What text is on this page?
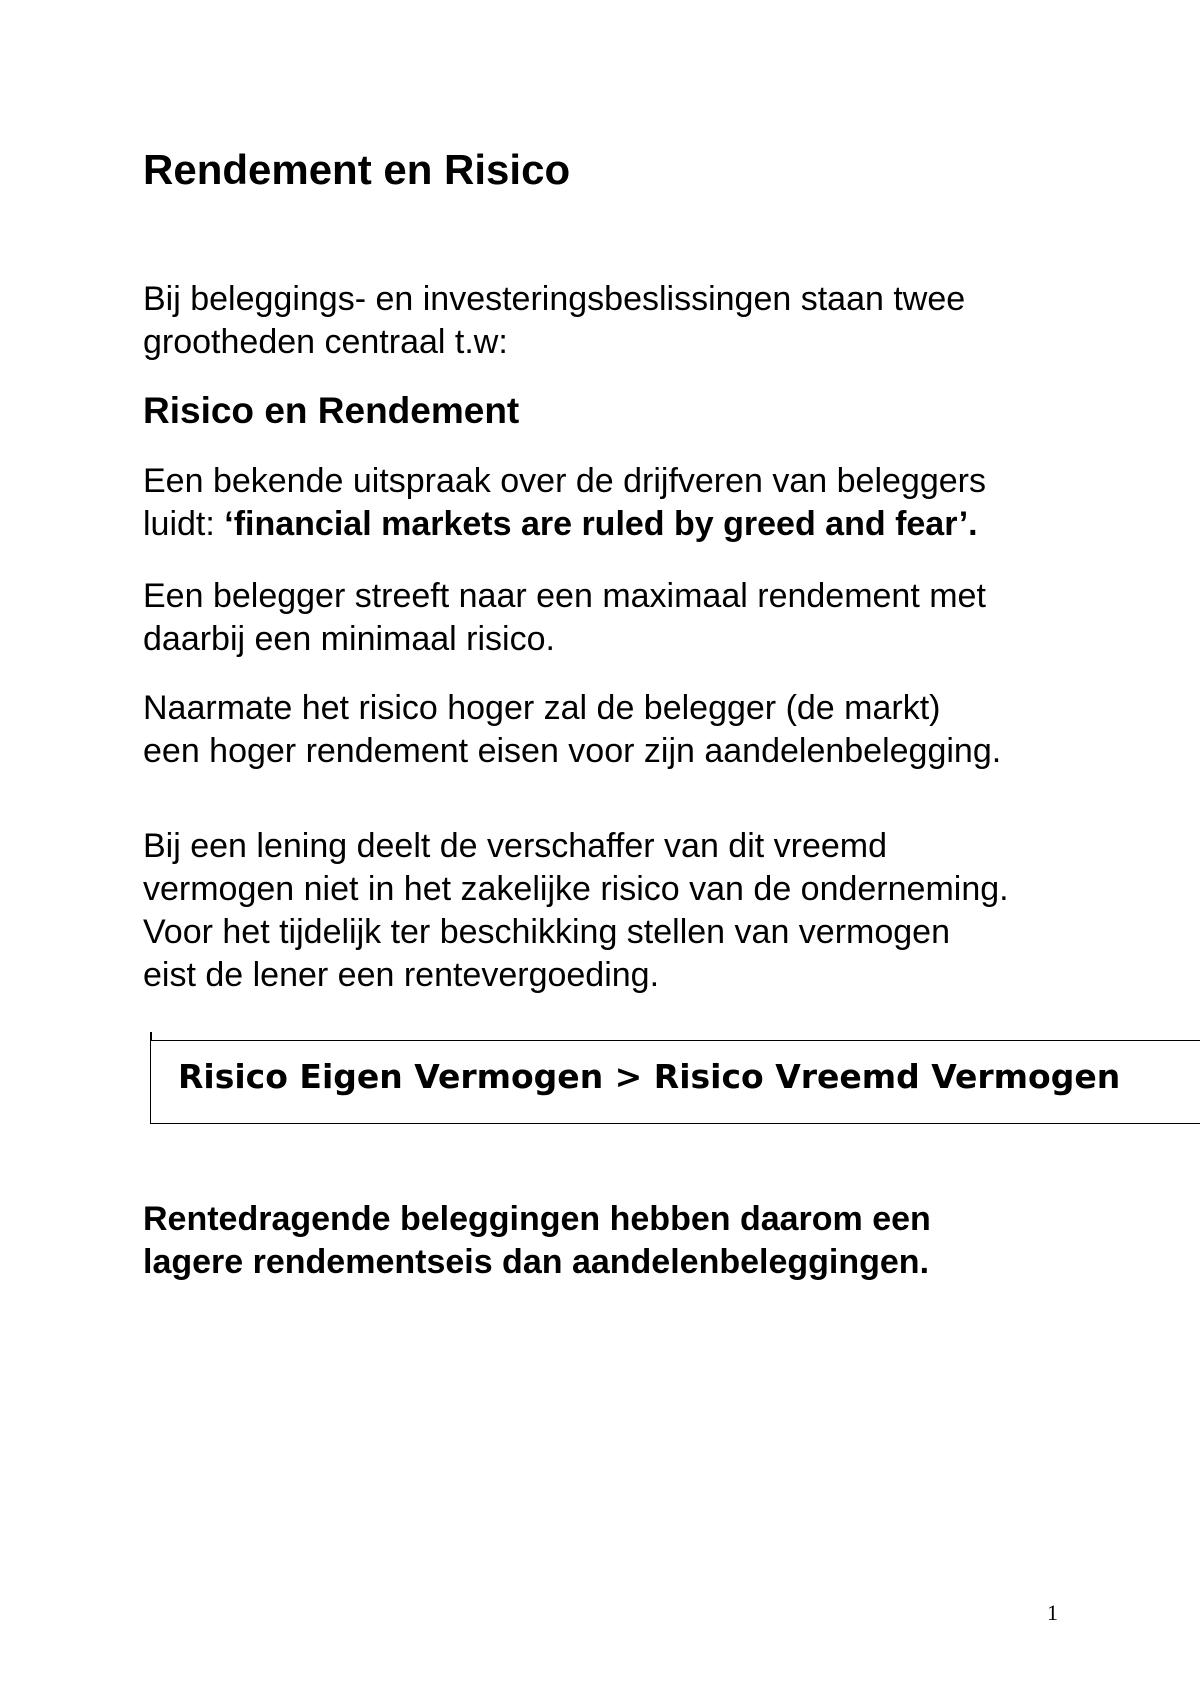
Rendement en Risico

Bij beleggings- en investeringsbeslissingen staan twee
grootheden centraal t.w:

Risico en Rendement

Een bekende uitspraak over de drijfveren van beleggers
luidt: ‘financial markets are ruled by greed and fear’.

Een belegger streeft naar een maximaal rendement met
daarbij een minimaal risico.

Naarmate het risico hoger zal de belegger (de markt)
een hoger rendement eisen voor zijn aandelenbelegging.

Bij een lening deelt de verschaffer van dit vreemd
vermogen niet in het zakelijke risico van de onderneming.
Voor het tijdelijk ter beschikking stellen van vermogen
eist de lener een rentevergoeding.

Risico Eigen Vermogen > Risico Vreemd Vermogen

Rentedragende beleggingen hebben daarom een
lagere rendementseis dan aandelenbeleggingen.

1
